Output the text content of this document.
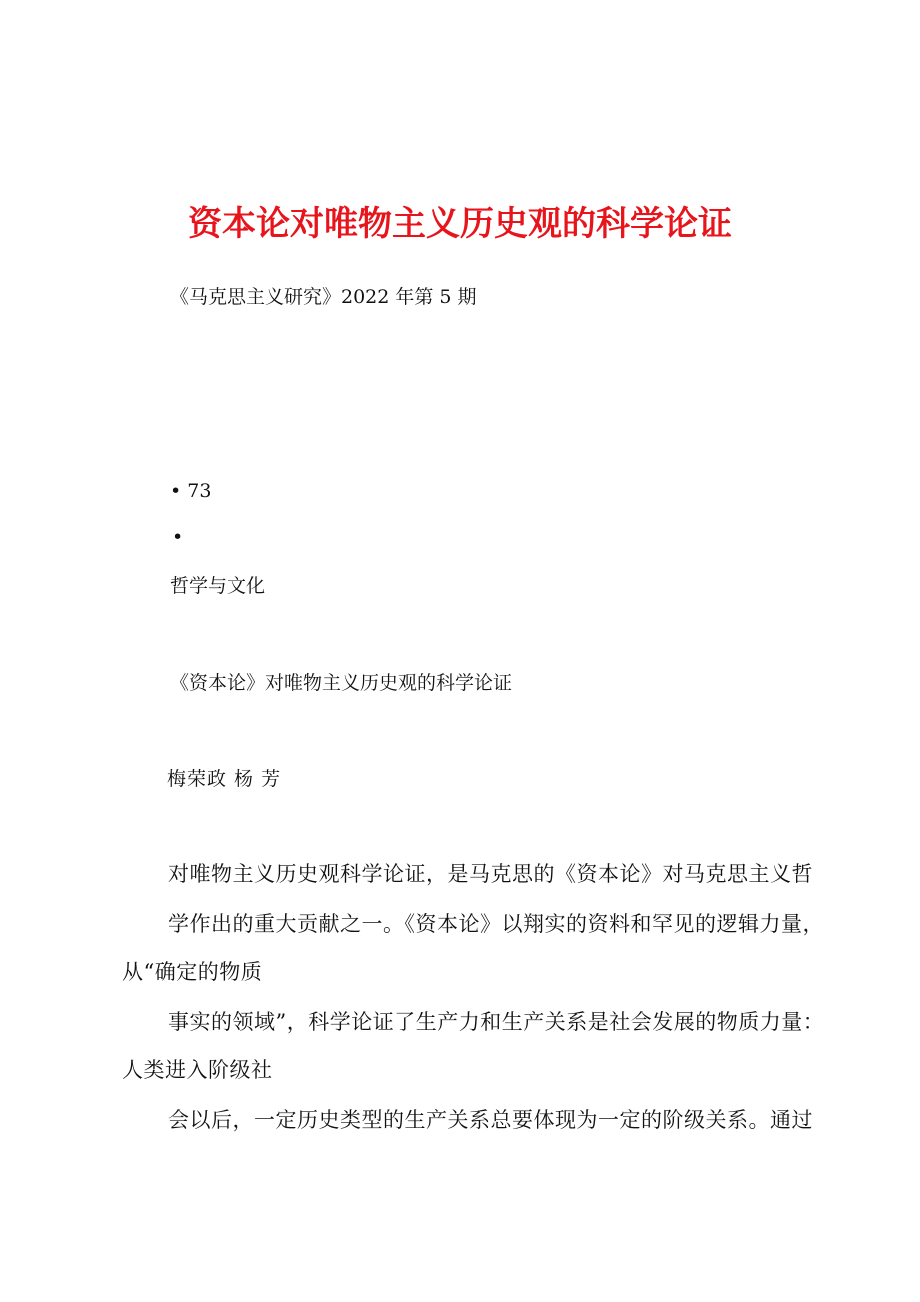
资本论对唯物主义历史观的科学论证
《马克思主义研究》2022 年第 5 期
• 73
•
哲学与文化
《资本论》对唯物主义历史观的科学论证
梅荣政 杨 芳
对唯物主义历史观科学论证，是马克思的《资本论》对马克思主义哲
学作出的重大贡献之一。《资本论》以翔实的资料和罕见的逻辑力量，
从“确定的物质
事实的领域”，科学论证了生产力和生产关系是社会发展的物质力量：
人类进入阶级社
会以后，一定历史类型的生产关系总要体现为一定的阶级关系。通过
